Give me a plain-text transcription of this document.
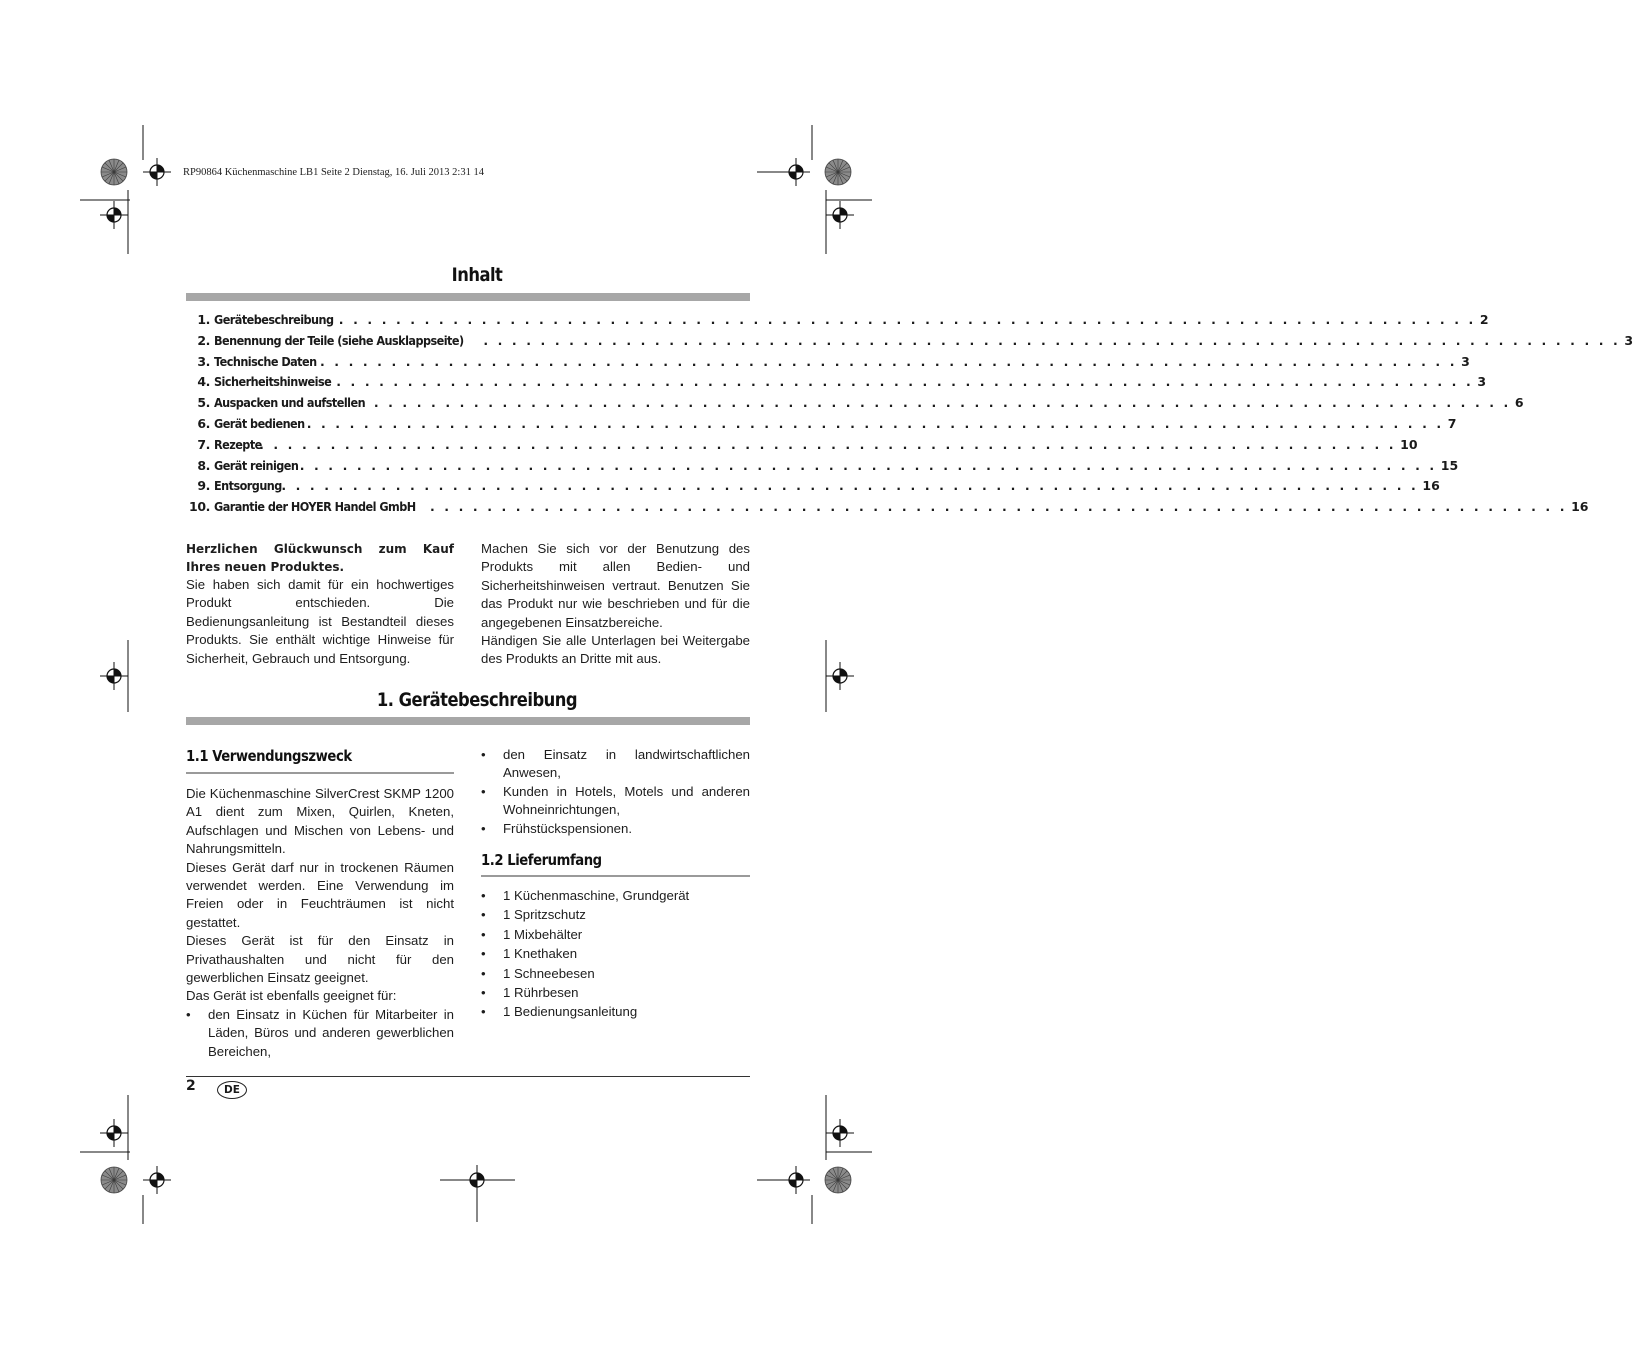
RP90864 Küchenmaschine LB1 Seite 2 Dienstag, 16. Juli 2013 2:31 14
Inhalt
1. Gerätebeschreibung . . . . . . . . . . . . . . . . . . . . . . . . . . . . . . . . . . . . . . . . . . . . . . . . . . . . . . . . . . . . . . . . . . . . . . . . . . . . . . . . 2
2. Benennung der Teile (siehe Ausklappseite) . . . . . . . . . . . . . . . . . . . . . . . . . . . . . . . . . . . . . . . . . . . . . . . . . . . . . . . . . . . . . . . . . . . . . . . . . . . . . . . . 3
3. Technische Daten . . . . . . . . . . . . . . . . . . . . . . . . . . . . . . . . . . . . . . . . . . . . . . . . . . . . . . . . . . . . . . . . . . . . . . . . . . . . . . . . 3
4. Sicherheitshinweise . . . . . . . . . . . . . . . . . . . . . . . . . . . . . . . . . . . . . . . . . . . . . . . . . . . . . . . . . . . . . . . . . . . . . . . . . . . . . . . . 3
5. Auspacken und aufstellen . . . . . . . . . . . . . . . . . . . . . . . . . . . . . . . . . . . . . . . . . . . . . . . . . . . . . . . . . . . . . . . . . . . . . . . . . . . . . . . . 6
6. Gerät bedienen . . . . . . . . . . . . . . . . . . . . . . . . . . . . . . . . . . . . . . . . . . . . . . . . . . . . . . . . . . . . . . . . . . . . . . . . . . . . . . . . 7
7. Rezepte
. . . . . . . . . . . . . . . . . . . . . . . . . . . . . . . . . . . . . . . . . . . . . . . . . . . . . . . . . . . . . . . . . . . . . . . . . . . . . . . . 10
8. Gerät reinigen . . . . . . . . . . . . . . . . . . . . . . . . . . . . . . . . . . . . . . . . . . . . . . . . . . . . . . . . . . . . . . . . . . . . . . . . . . . . . . . . 15
9. Entsorgung . . . . . . . . . . . . . . . . . . . . . . . . . . . . . . . . . . . . . . . . . . . . . . . . . . . . . . . . . . . . . . . . . . . . . . . . . . . . . . . . 16
10. Garantie der HOYER Handel GmbH . . . . . . . . . . . . . . . . . . . . . . . . . . . . . . . . . . . . . . . . . . . . . . . . . . . . . . . . . . . . . . . . . . . . . . . . . . . . . . . . 16

Herzlichen Glückwunsch zum Kauf Ihres neuen Produktes.

Sie haben sich damit für ein hochwertiges Produkt entschieden. Die Bedienungsanleitung ist Bestandteil dieses Produkts. Sie enthält wichtige Hinweise für Sicherheit, Gebrauch und Entsorgung.

Machen Sie sich vor der Benutzung des Produkts mit allen Bedien- und Sicherheitshinweisen vertraut. Benutzen Sie das Produkt nur wie beschrieben und für die angegebenen Einsatzbereiche.

Händigen Sie alle Unterlagen bei Weitergabe des Produkts an Dritte mit aus.

1. Gerätebeschreibung
1.1 Verwendungszweck

Die Küchenmaschine SilverCrest SKMP 1200 A1 dient zum Mixen, Quirlen, Kneten, Aufschlagen und Mischen von Lebens- und Nahrungsmitteln.

Dieses Gerät darf nur in trockenen Räumen verwendet werden. Eine Verwendung im Freien oder in Feuchträumen ist nicht gestattet.

Dieses Gerät ist für den Einsatz in Privathaushalten und nicht für den gewerblichen Einsatz geeignet.

Das Gerät ist ebenfalls geeignet für:

• den Einsatz in Küchen für Mitarbeiter in Läden, Büros und anderen gewerblichen Bereichen,
• den Einsatz in landwirtschaftlichen Anwesen,
• Kunden in Hotels, Motels und anderen Wohneinrichtungen,
• Frühstückspensionen.
1.2 Lieferumfang
• 1 Küchenmaschine, Grundgerät
• 1 Spritzschutz
• 1 Mixbehälter
• 1 Knethaken
• 1 Schneebesen
• 1 Rührbesen
• 1 Bedienungsanleitung
2	DE
